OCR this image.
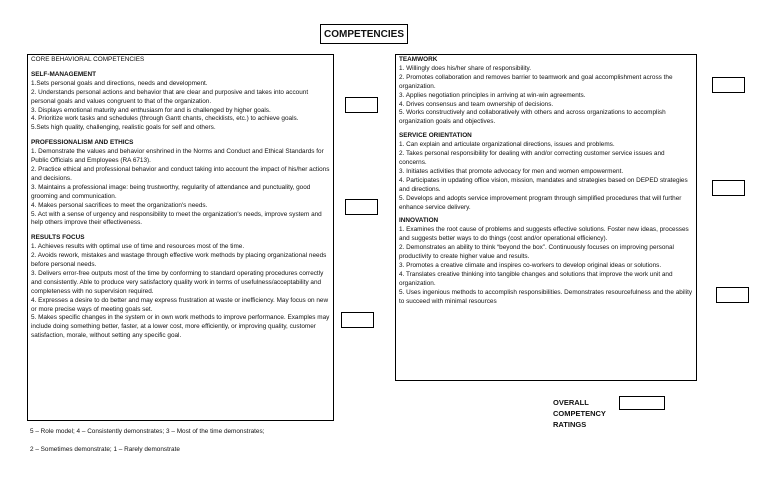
COMPETENCIES
CORE BEHAVIORAL COMPETENCIES
SELF-MANAGEMENT
1.Sets personal goals and directions, needs and development.
2. Understands personal actions and behavior that are clear and purposive and takes into account personal goals and values congruent to that of the organization.
3. Displays emotional maturity and enthusiasm for and is challenged by higher goals.
4. Prioritize work tasks and schedules (through Gantt chants, checklists, etc.) to achieve goals.
5.Sets high quality, challenging, realistic goals for self and others.
PROFESSIONALISM AND ETHICS
1. Demonstrate the values and behavior enshrined in the Norms and Conduct and Ethical Standards for Public Officials and Employees (RA 6713).
2. Practice ethical and professional behavior and conduct taking into account the impact of his/her actions and decisions.
3. Maintains a professional image: being trustworthy, regularity of attendance and punctuality, good grooming and communication.
4. Makes personal sacrifices to meet the organization's needs.
5. Act with a sense of urgency and responsibility to meet the organization's needs, improve system and help others improve their effectiveness.
RESULTS FOCUS
1. Achieves results with optimal use of time and resources most of the time.
2. Avoids rework, mistakes and wastage through effective work methods by placing organizational needs before personal needs.
3. Delivers error-free outputs most of the time by conforming to standard operating procedures correctly and consistently. Able to produce very satisfactory quality work in terms of usefulness/acceptability and completeness with no supervision required.
4. Expresses a desire to do better and may express frustration at waste or inefficiency. May focus on new or more precise ways of meeting goals set.
5. Makes specific changes in the system or in own work methods to improve performance. Examples may include doing something better, faster, at a lower cost, more efficiently, or improving quality, customer satisfaction, morale, without setting any specific goal.
TEAMWORK
1. Willingly does his/her share of responsibility.
2. Promotes collaboration and removes barrier to teamwork and goal accomplishment across the organization.
3. Applies negotiation principles in arriving at win-win agreements.
4. Drives consensus and team ownership of decisions.
5. Works constructively and collaboratively with others and across organizations to accomplish organization goals and objectives.
SERVICE ORIENTATION
1. Can explain and articulate organizational directions, issues and problems.
2. Takes personal responsibility for dealing with and/or correcting customer service issues and concerns.
3. Initiates activities that promote advocacy for men and women empowerment.
4. Participates in updating office vision, mission, mandates and strategies based on DEPED strategies and directions.
5. Develops and adopts service improvement program through simplified procedures that will further enhance service delivery.
INNOVATION
1. Examines the root cause of problems and suggests effective solutions. Foster new ideas, processes and suggests better ways to do things (cost and/or operational efficiency).
2. Demonstrates an ability to think “beyond the box”. Continuously focuses on improving personal productivity to create higher value and results.
3. Promotes a creative climate and inspires co-workers to develop original ideas or solutions.
4. Translates creative thinking into tangible changes and solutions that improve the work unit and organization.
5. Uses ingenious methods to accomplish responsibilities. Demonstrates resourcefulness and the ability to succeed with minimal resources
OVERALL
COMPETENCY
RATINGS
5 – Role model; 4 – Consistently demonstrates; 3 – Most of the time demonstrates;
2 – Sometimes demonstrate; 1 – Rarely demonstrate
